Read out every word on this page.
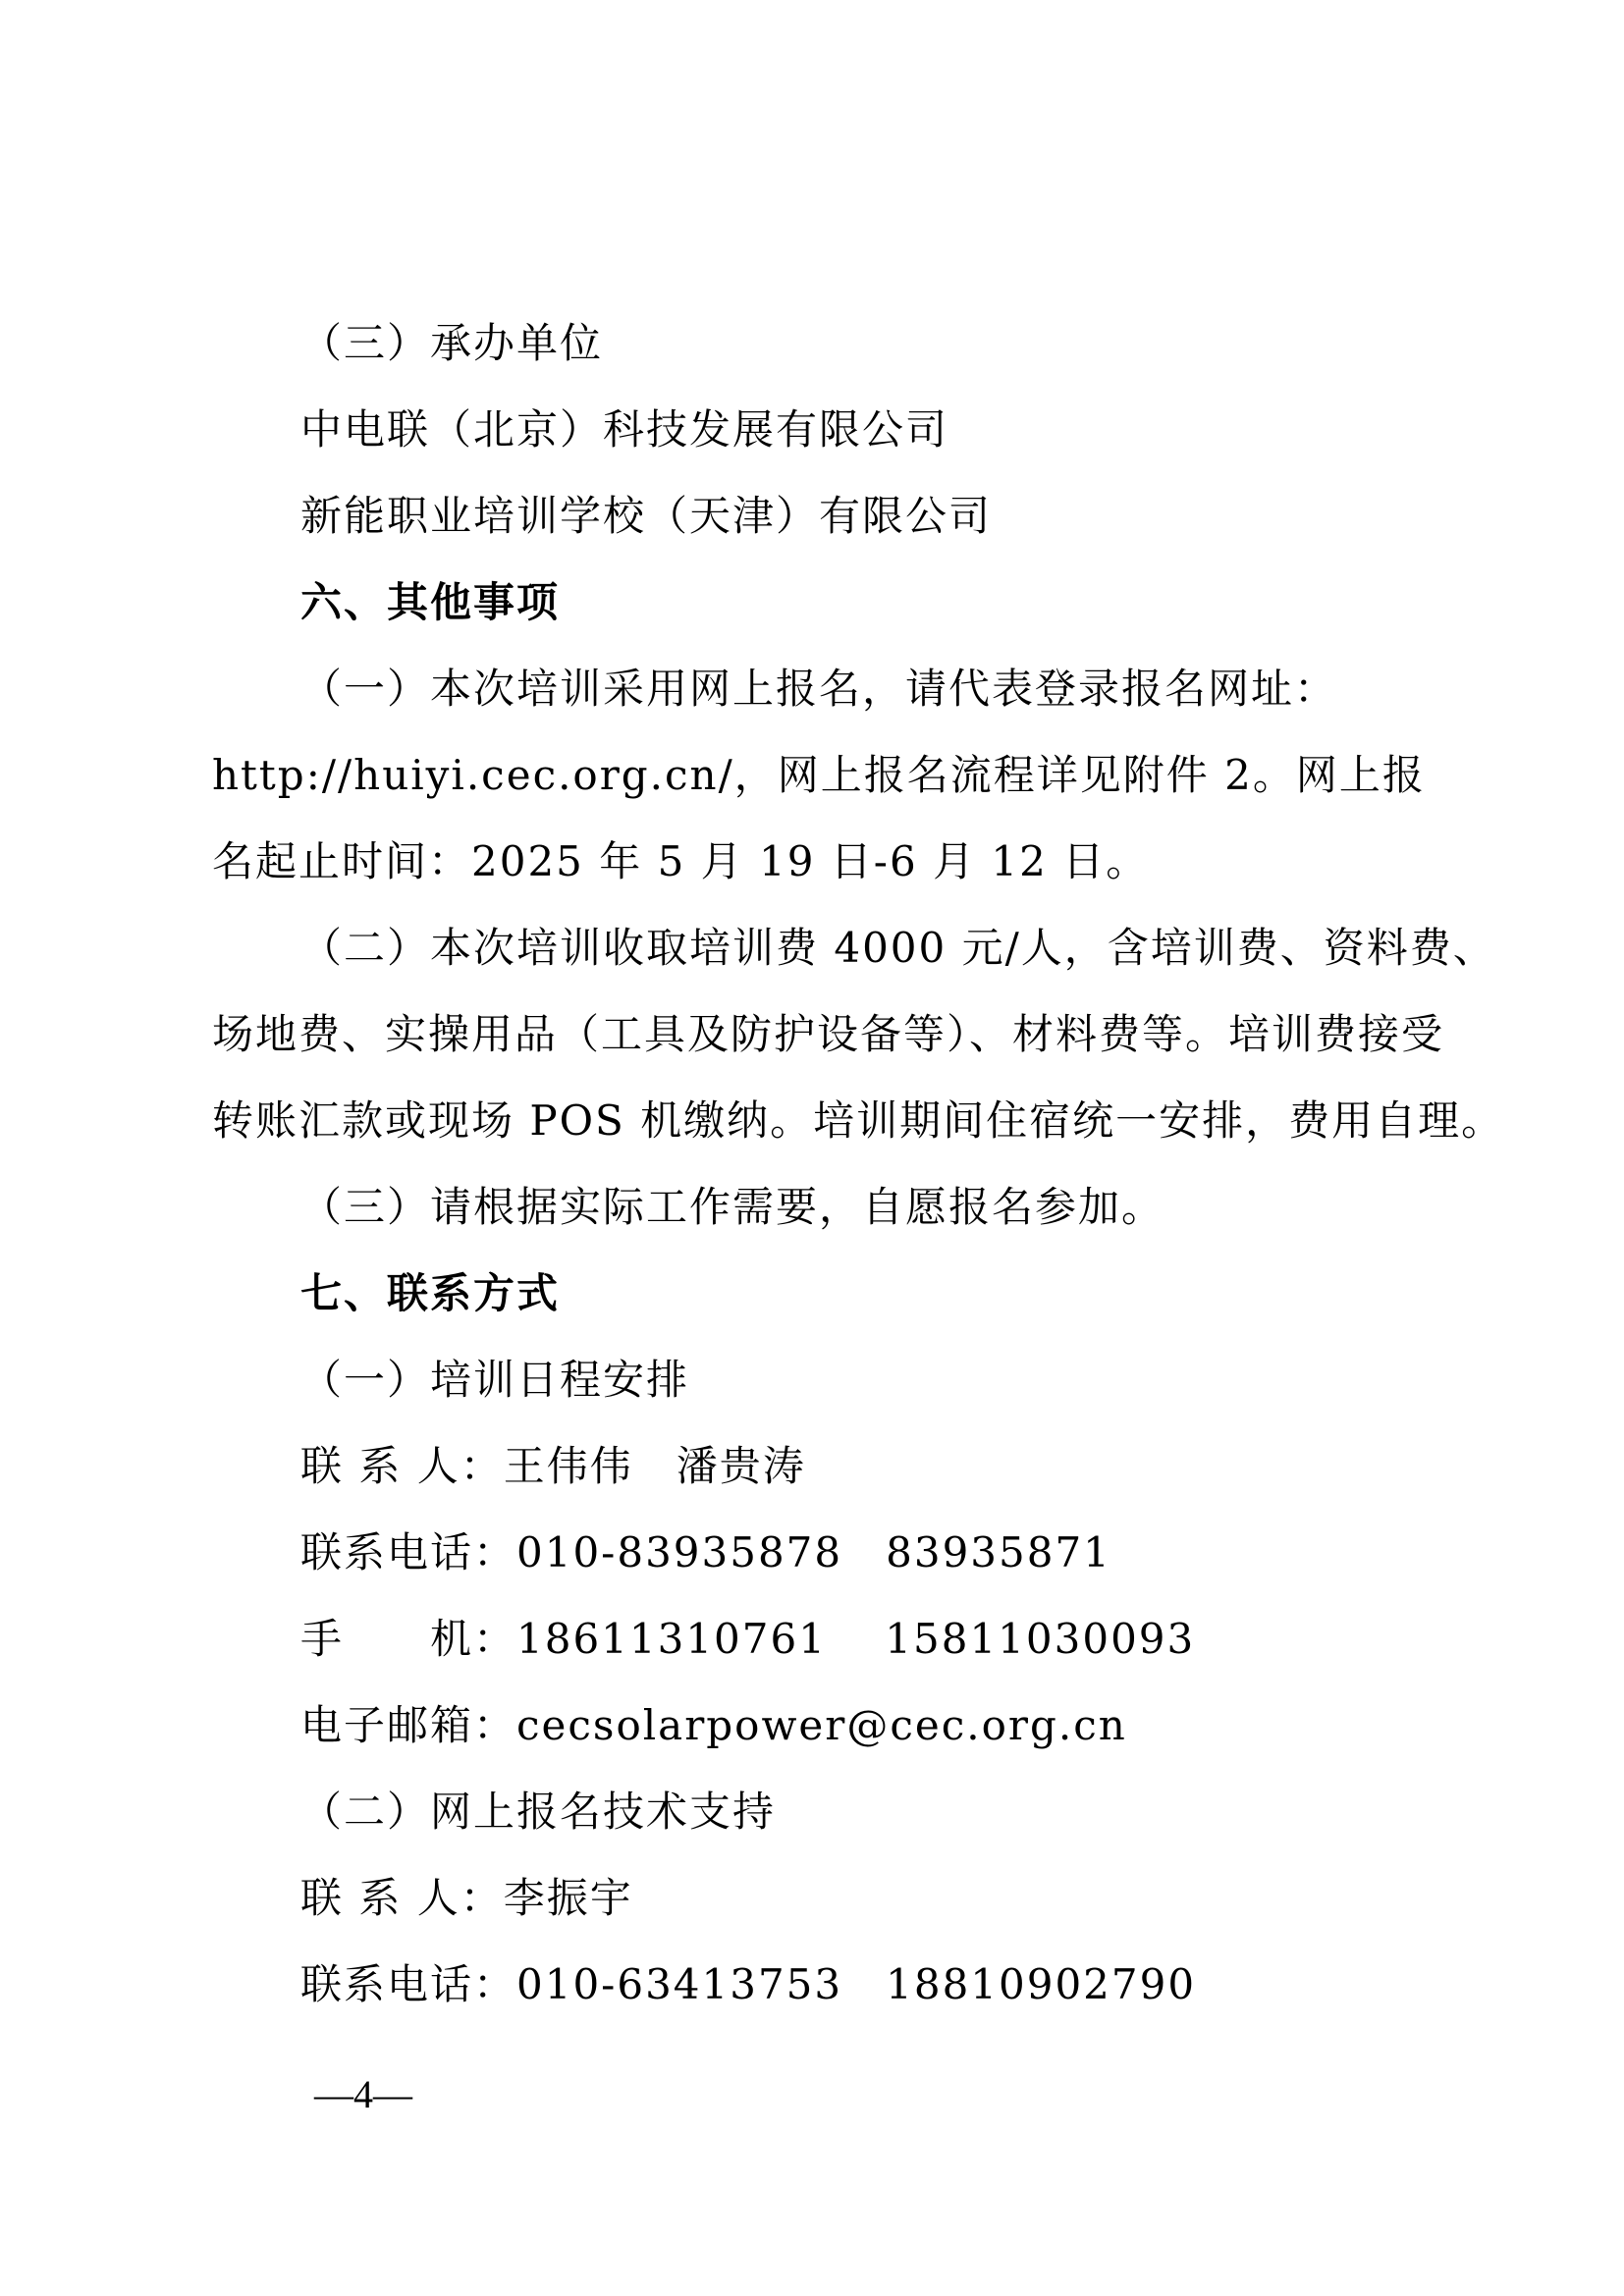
（三）承办单位
中电联（北京）科技发展有限公司
新能职业培训学校（天津）有限公司
六、其他事项
（一）本次培训采用网上报名，请代表登录报名网址：
http://huiyi.cec.org.cn/，网上报名流程详见附件 2。网上报
名起止时间：2025 年 5 月 19 日-6 月 12 日。
（二）本次培训收取培训费 4000 元/人，含培训费、资料费、
场地费、实操用品（工具及防护设备等）、材料费等。培训费接受
转账汇款或现场 POS 机缴纳。培训期间住宿统一安排，费用自理。
（三）请根据实际工作需要，自愿报名参加。
七、联系方式
（一）培训日程安排
联 系 人：王伟伟　潘贵涛
联系电话：010-83935878　83935871
手　　机：18611310761　 15811030093
电子邮箱：cecsolarpower@cec.org.cn
（二）网上报名技术支持
联 系 人：李振宇
联系电话：010-63413753　18810902790
—4—
